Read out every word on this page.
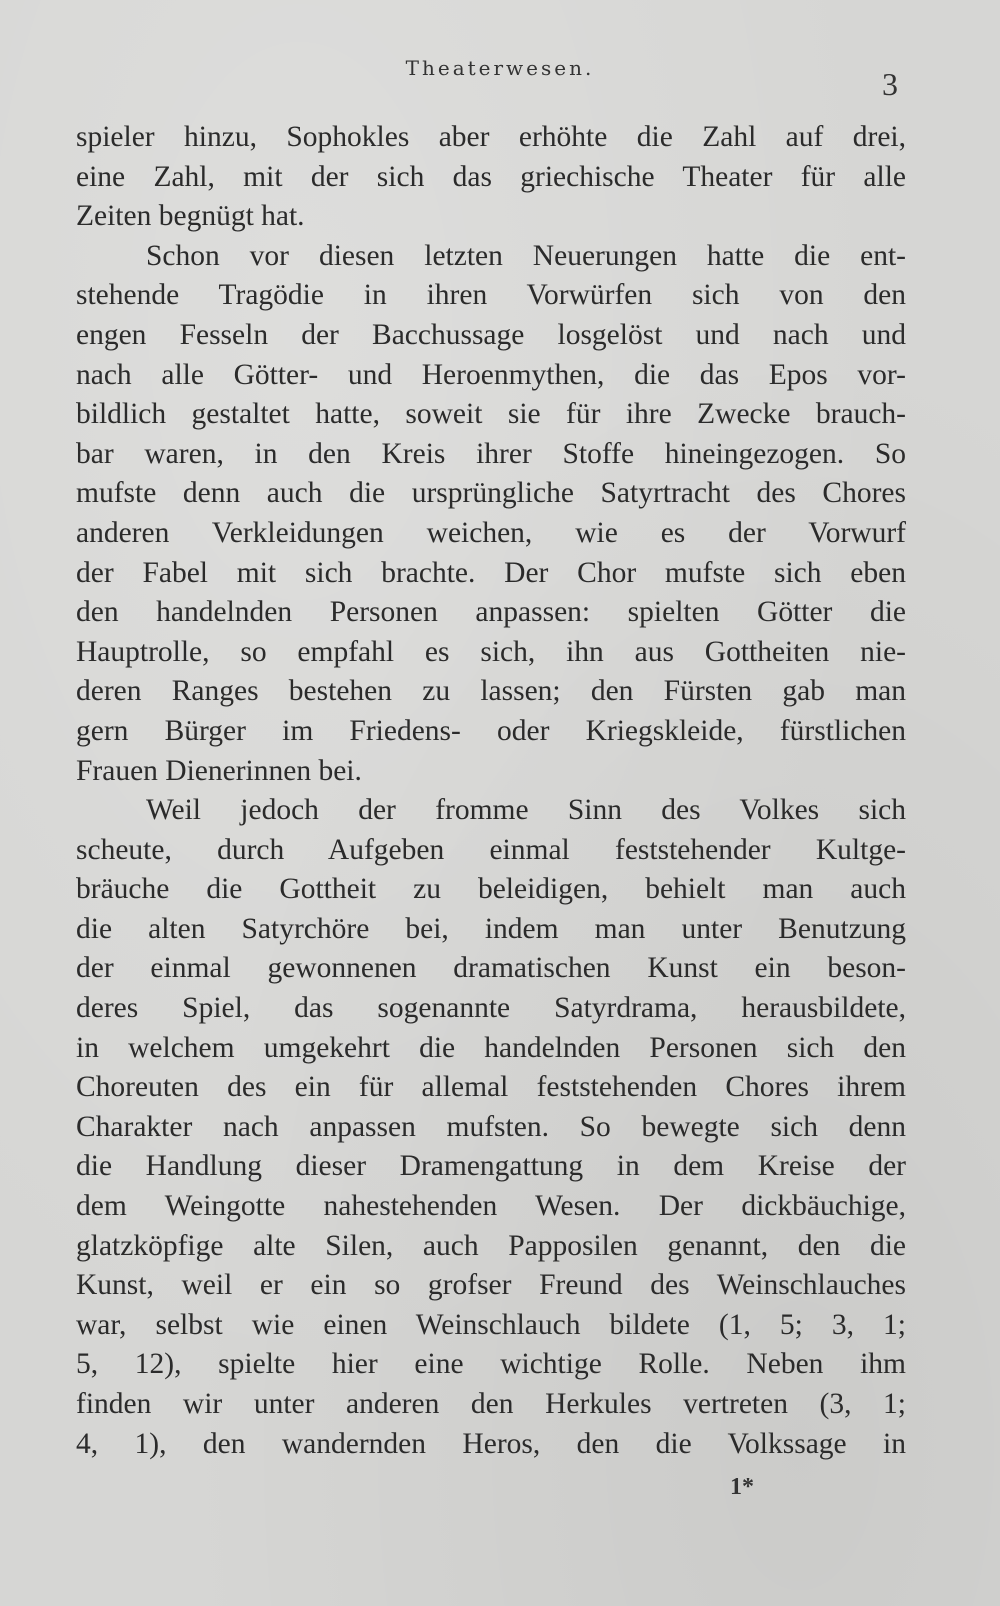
Theaterwesen.	3
spieler hinzu, Sophokles aber erhöhte die Zahl auf drei,
eine Zahl, mit der sich das griechische Theater für alle
Zeiten begnügt hat.
Schon vor diesen letzten Neuerungen hatte die ent-
stehende Tragödie in ihren Vorwürfen sich von den
engen Fesseln der Bacchussage losgelöst und nach und
nach alle Götter- und Heroenmythen, die das Epos vor-
bildlich gestaltet hatte, soweit sie für ihre Zwecke brauch-
bar waren, in den Kreis ihrer Stoffe hineingezogen. So
mufste denn auch die ursprüngliche Satyrtracht des Chores
anderen Verkleidungen weichen, wie es der Vorwurf
der Fabel mit sich brachte. Der Chor mufste sich eben
den handelnden Personen anpassen: spielten Götter die
Hauptrolle, so empfahl es sich, ihn aus Gottheiten nie-
deren Ranges bestehen zu lassen; den Fürsten gab man
gern Bürger im Friedens- oder Kriegskleide, fürstlichen
Frauen Dienerinnen bei.
Weil jedoch der fromme Sinn des Volkes sich
scheute, durch Aufgeben einmal feststehender Kultge-
bräuche die Gottheit zu beleidigen, behielt man auch
die alten Satyrchöre bei, indem man unter Benutzung
der einmal gewonnenen dramatischen Kunst ein beson-
deres Spiel, das sogenannte Satyrdrama, herausbildete,
in welchem umgekehrt die handelnden Personen sich den
Choreuten des ein für allemal feststehenden Chores ihrem
Charakter nach anpassen mufsten. So bewegte sich denn
die Handlung dieser Dramengattung in dem Kreise der
dem Weingotte nahestehenden Wesen. Der dickbäuchige,
glatzköpfige alte Silen, auch Papposilen genannt, den die
Kunst, weil er ein so grofser Freund des Weinschlauches
war, selbst wie einen Weinschlauch bildete (1, 5; 3, 1;
5, 12), spielte hier eine wichtige Rolle. Neben ihm
finden wir unter anderen den Herkules vertreten (3, 1;
4, 1), den wandernden Heros, den die Volkssage in
1*
